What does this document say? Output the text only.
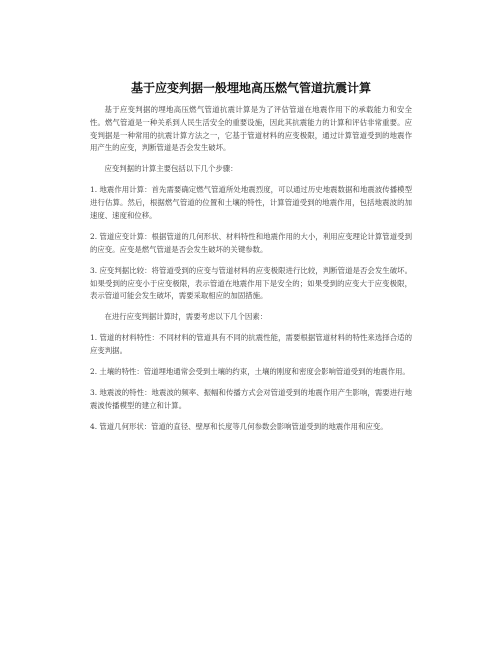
基于应变判据一般埋地高压燃气管道抗震计算

基于应变判据的埋地高压燃气管道抗震计算是为了评估管道在地震作用下的承载能力和安全性。燃气管道是一种关系到人民生活安全的重要设施，因此其抗震能力的计算和评估非常重要。应变判据是一种常用的抗震计算方法之一，它基于管道材料的应变极限，通过计算管道受到的地震作用产生的应变，判断管道是否会发生破坏。

应变判据的计算主要包括以下几个步骤：

1. 地震作用计算：首先需要确定燃气管道所处地震烈度，可以通过历史地震数据和地震波传播模型进行估算。然后，根据燃气管道的位置和土壤的特性，计算管道受到的地震作用，包括地震波的加速度、速度和位移。

2. 管道应变计算：根据管道的几何形状、材料特性和地震作用的大小，利用应变理论计算管道受到的应变。应变是燃气管道是否会发生破坏的关键参数。

3. 应变判据比较：将管道受到的应变与管道材料的应变极限进行比较，判断管道是否会发生破坏。如果受到的应变小于应变极限，表示管道在地震作用下是安全的；如果受到的应变大于应变极限，表示管道可能会发生破坏，需要采取相应的加固措施。

在进行应变判据计算时，需要考虑以下几个因素：

1. 管道的材料特性：不同材料的管道具有不同的抗震性能，需要根据管道材料的特性来选择合适的应变判据。

2. 土壤的特性：管道埋地通常会受到土壤的约束，土壤的刚度和密度会影响管道受到的地震作用。

3. 地震波的特性：地震波的频率、振幅和传播方式会对管道受到的地震作用产生影响，需要进行地震波传播模型的建立和计算。

4. 管道几何形状：管道的直径、壁厚和长度等几何参数会影响管道受到的地震作用和应变。
